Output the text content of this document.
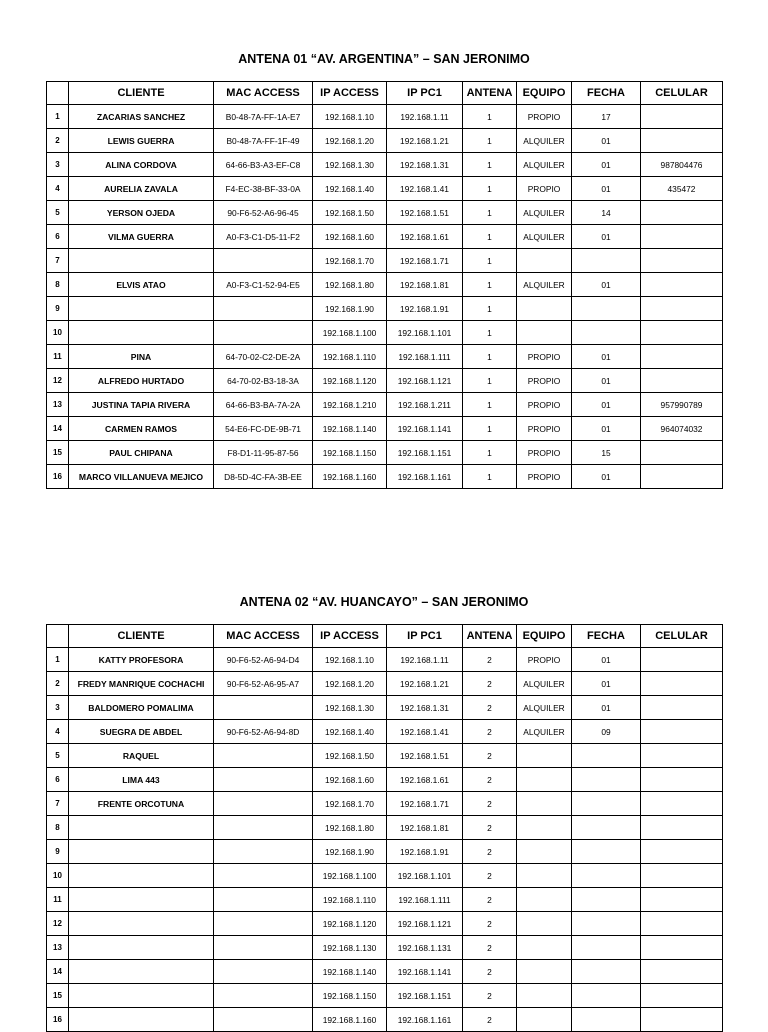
ANTENA 01 “AV. ARGENTINA” – SAN JERONIMO
	CLIENTE	MAC ACCESS	IP ACCESS	IP PC1	ANTENA	EQUIPO	FECHA	CELULAR
1	ZACARIAS SANCHEZ	B0-48-7A-FF-1A-E7	192.168.1.10	192.168.1.11	1	PROPIO	17	
2	LEWIS GUERRA	B0-48-7A-FF-1F-49	192.168.1.20	192.168.1.21	1	ALQUILER	01	
3	ALINA CORDOVA	64-66-B3-A3-EF-C8	192.168.1.30	192.168.1.31	1	ALQUILER	01	987804476
4	AURELIA ZAVALA	F4-EC-38-BF-33-0A	192.168.1.40	192.168.1.41	1	PROPIO	01	435472
5	YERSON OJEDA	90-F6-52-A6-96-45	192.168.1.50	192.168.1.51	1	ALQUILER	14	
6	VILMA GUERRA	A0-F3-C1-D5-11-F2	192.168.1.60	192.168.1.61	1	ALQUILER	01	
7			192.168.1.70	192.168.1.71	1			
8	ELVIS ATAO	A0-F3-C1-52-94-E5	192.168.1.80	192.168.1.81	1	ALQUILER	01	
9			192.168.1.90	192.168.1.91	1			
10			192.168.1.100	192.168.1.101	1			
11	PINA	64-70-02-C2-DE-2A	192.168.1.110	192.168.1.111	1	PROPIO	01	
12	ALFREDO HURTADO	64-70-02-B3-18-3A	192.168.1.120	192.168.1.121	1	PROPIO	01	
13	JUSTINA TAPIA RIVERA	64-66-B3-BA-7A-2A	192.168.1.210	192.168.1.211	1	PROPIO	01	957990789
14	CARMEN RAMOS	54-E6-FC-DE-9B-71	192.168.1.140	192.168.1.141	1	PROPIO	01	964074032
15	PAUL CHIPANA	F8-D1-11-95-87-56	192.168.1.150	192.168.1.151	1	PROPIO	15	
16	MARCO VILLANUEVA MEJICO	D8-5D-4C-FA-3B-EE	192.168.1.160	192.168.1.161	1	PROPIO	01	
ANTENA 02 “AV. HUANCAYO” – SAN JERONIMO
	CLIENTE	MAC ACCESS	IP ACCESS	IP PC1	ANTENA	EQUIPO	FECHA	CELULAR
1	KATTY PROFESORA	90-F6-52-A6-94-D4	192.168.1.10	192.168.1.11	2	PROPIO	01	
2	FREDY MANRIQUE COCHACHI	90-F6-52-A6-95-A7	192.168.1.20	192.168.1.21	2	ALQUILER	01	
3	BALDOMERO POMALIMA		192.168.1.30	192.168.1.31	2	ALQUILER	01	
4	SUEGRA DE ABDEL	90-F6-52-A6-94-8D	192.168.1.40	192.168.1.41	2	ALQUILER	09	
5	RAQUEL		192.168.1.50	192.168.1.51	2			
6	LIMA 443		192.168.1.60	192.168.1.61	2			
7	FRENTE ORCOTUNA		192.168.1.70	192.168.1.71	2			
8			192.168.1.80	192.168.1.81	2			
9			192.168.1.90	192.168.1.91	2			
10			192.168.1.100	192.168.1.101	2			
11			192.168.1.110	192.168.1.111	2			
12			192.168.1.120	192.168.1.121	2			
13			192.168.1.130	192.168.1.131	2			
14			192.168.1.140	192.168.1.141	2			
15			192.168.1.150	192.168.1.151	2			
16			192.168.1.160	192.168.1.161	2			
